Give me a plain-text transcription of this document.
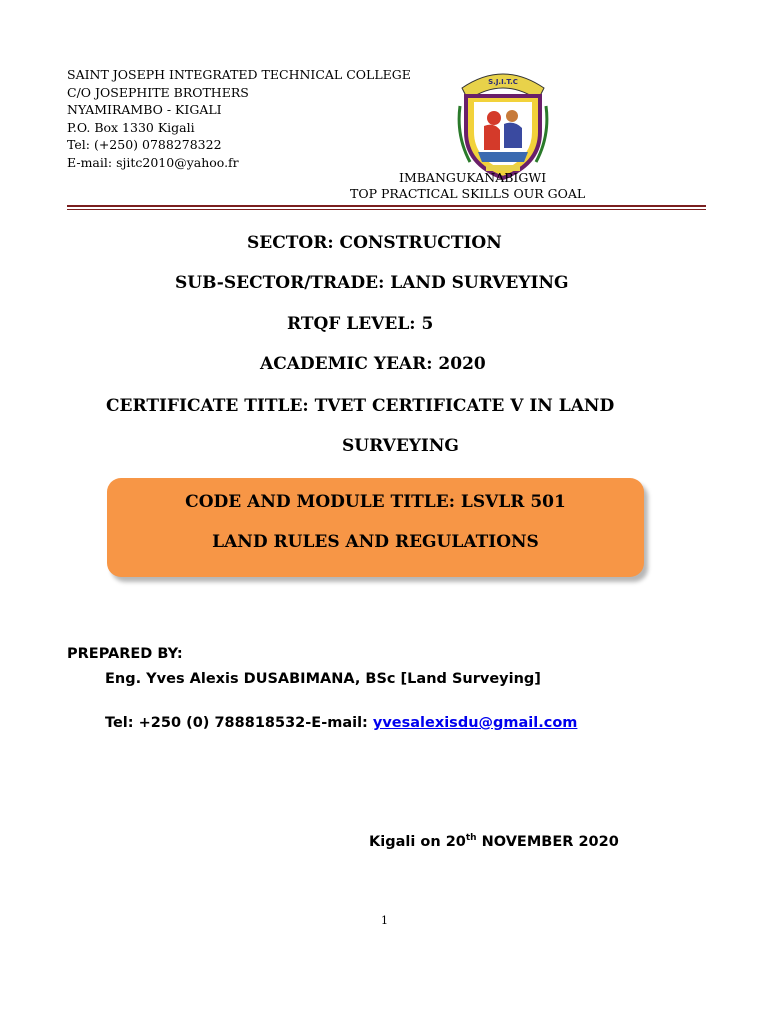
SAINT JOSEPH INTEGRATED TECHNICAL COLLEGE
C/O JOSEPHITE BROTHERS
NYAMIRAMBO - KIGALI
P.O. Box 1330 Kigali
Tel: (+250) 0788278322
E-mail: sjitc2010@yahoo.fr
S.J.I.T.C
IMBANGUKANABIGWI
TOP PRACTICAL SKILLS OUR GOAL
SECTOR: CONSTRUCTION
SUB-SECTOR/TRADE: LAND SURVEYING
RTQF LEVEL: 5
ACADEMIC YEAR: 2020
CERTIFICATE TITLE: TVET CERTIFICATE V IN LAND
SURVEYING
CODE AND MODULE TITLE: LSVLR 501
LAND RULES AND REGULATIONS
PREPARED BY:
Eng. Yves Alexis DUSABIMANA, BSc [Land Surveying]
Tel: +250 (0) 788818532-E-mail: yvesalexisdu@gmail.com
Kigali on 20th NOVEMBER 2020
1
